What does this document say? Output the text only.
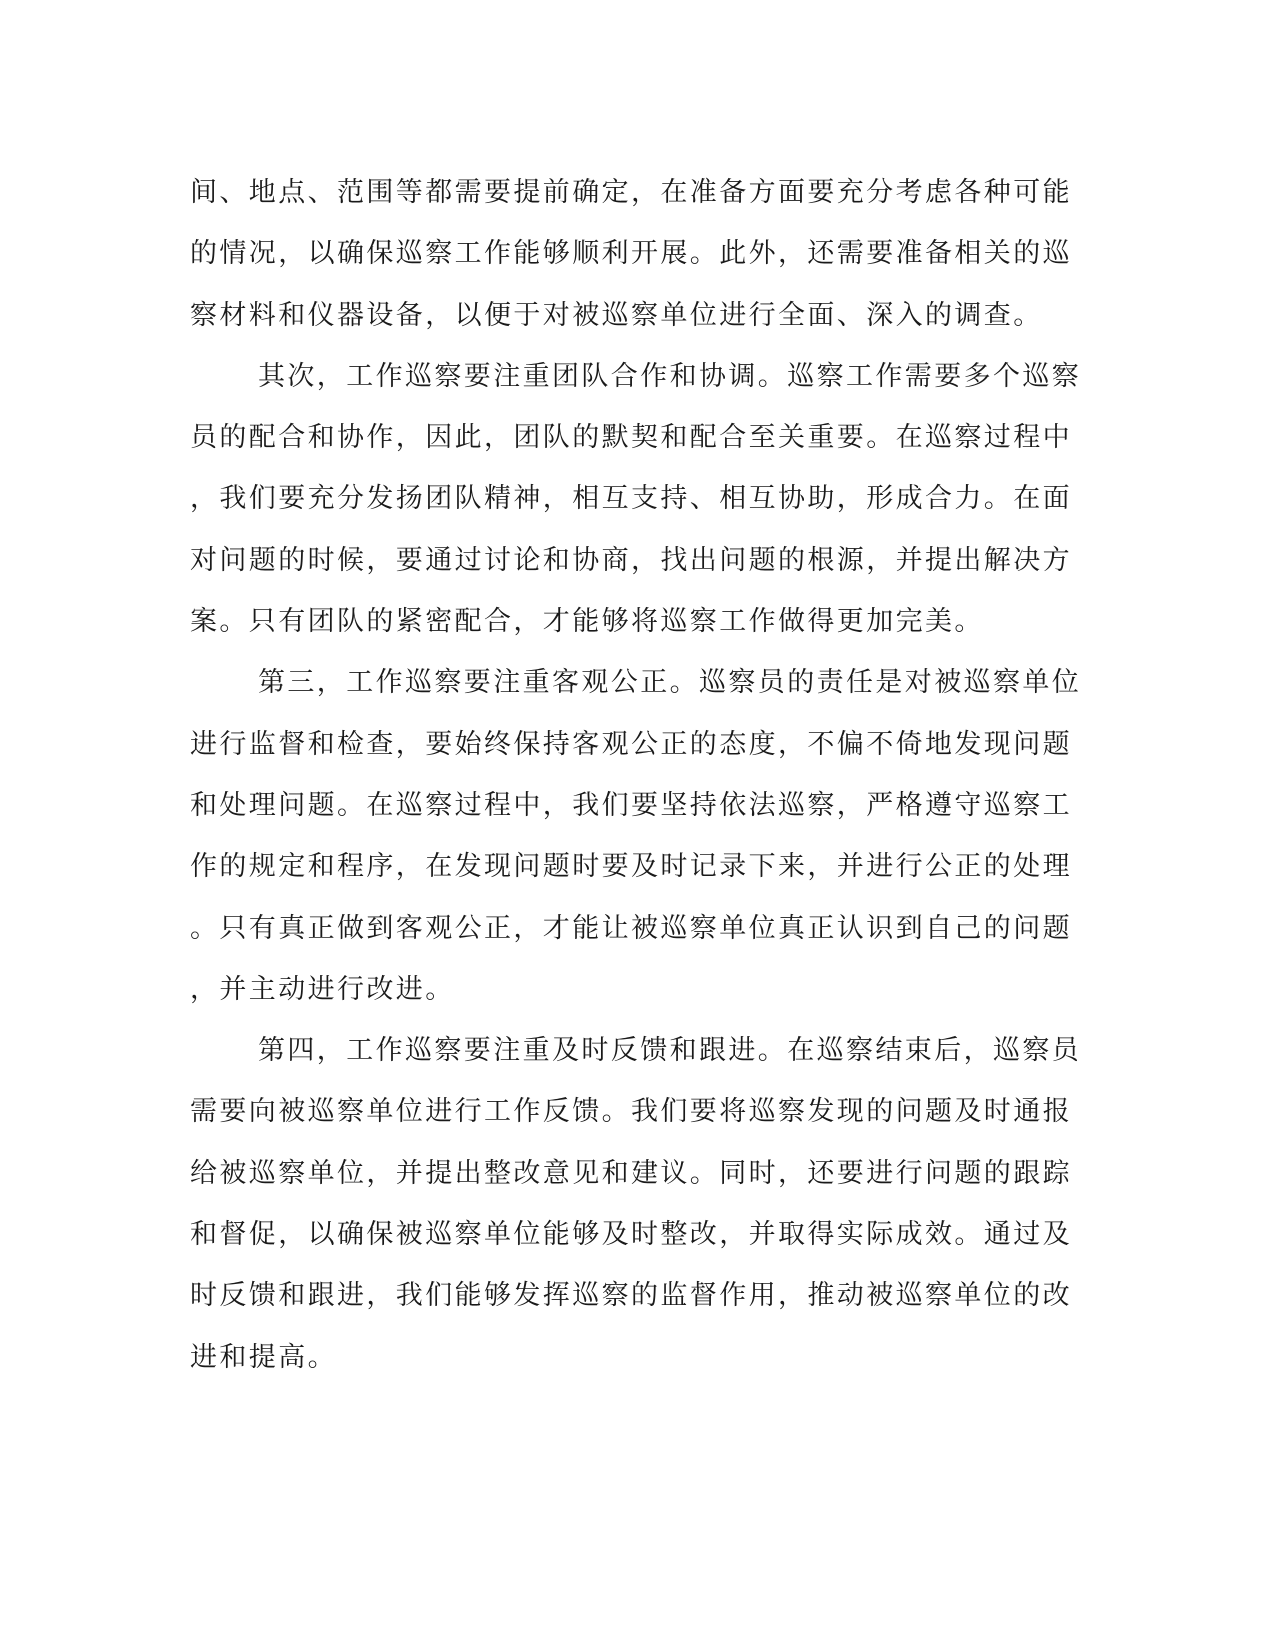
间、地点、范围等都需要提前确定，在准备方面要充分考虑各种可能
的情况，以确保巡察工作能够顺利开展。此外，还需要准备相关的巡
察材料和仪器设备，以便于对被巡察单位进行全面、深入的调查。
其次，工作巡察要注重团队合作和协调。巡察工作需要多个巡察
员的配合和协作，因此，团队的默契和配合至关重要。在巡察过程中
，我们要充分发扬团队精神，相互支持、相互协助，形成合力。在面
对问题的时候，要通过讨论和协商，找出问题的根源，并提出解决方
案。只有团队的紧密配合，才能够将巡察工作做得更加完美。
第三，工作巡察要注重客观公正。巡察员的责任是对被巡察单位
进行监督和检查，要始终保持客观公正的态度，不偏不倚地发现问题
和处理问题。在巡察过程中，我们要坚持依法巡察，严格遵守巡察工
作的规定和程序，在发现问题时要及时记录下来，并进行公正的处理
。只有真正做到客观公正，才能让被巡察单位真正认识到自己的问题
，并主动进行改进。
第四，工作巡察要注重及时反馈和跟进。在巡察结束后，巡察员
需要向被巡察单位进行工作反馈。我们要将巡察发现的问题及时通报
给被巡察单位，并提出整改意见和建议。同时，还要进行问题的跟踪
和督促，以确保被巡察单位能够及时整改，并取得实际成效。通过及
时反馈和跟进，我们能够发挥巡察的监督作用，推动被巡察单位的改
进和提高。
